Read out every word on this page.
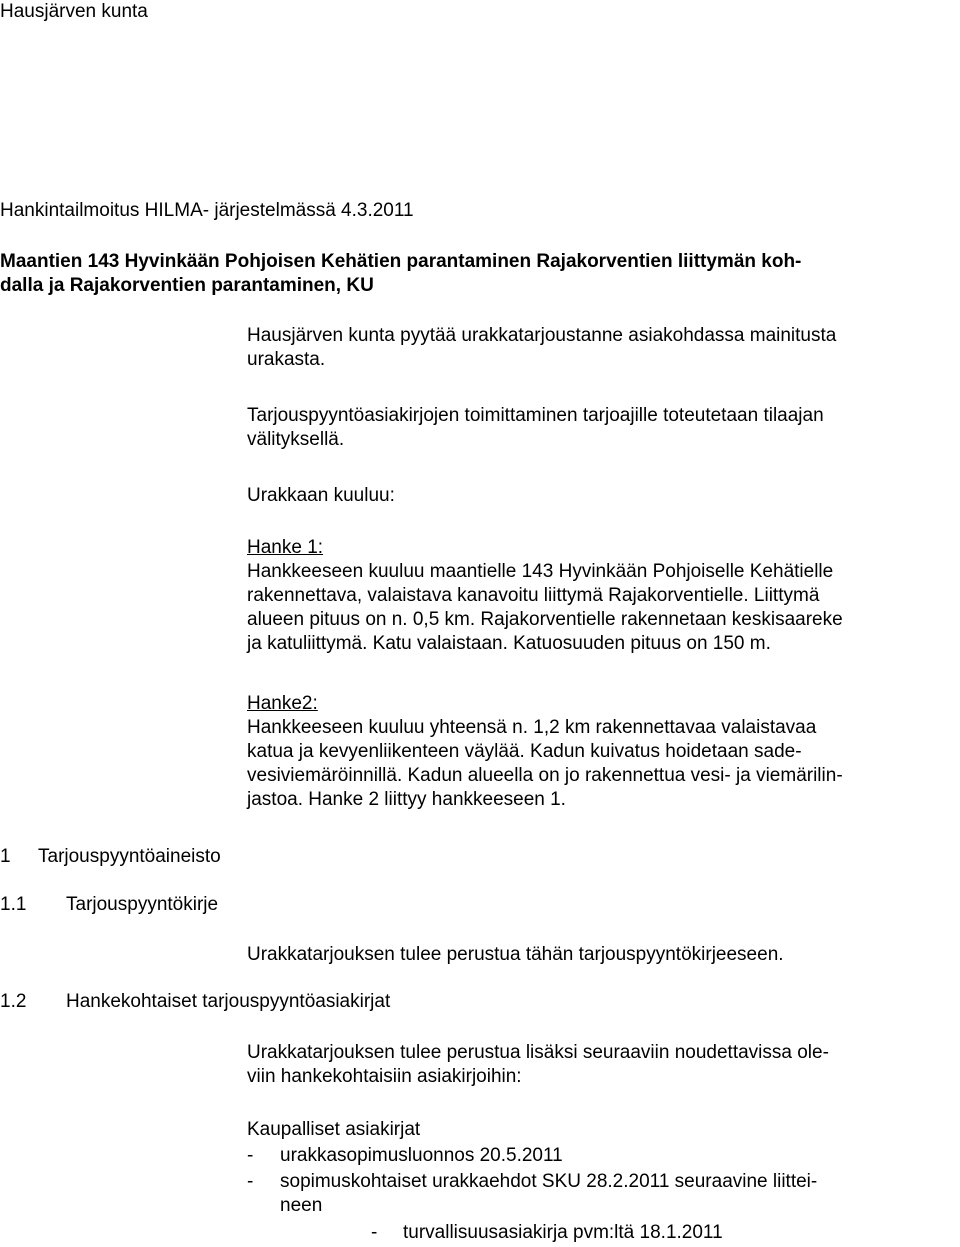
Hausjärven kunta

Hankintailmoitus HILMA- järjestelmässä 4.3.2011

Maantien 143 Hyvinkään Pohjoisen Kehätien parantaminen Rajakorventien liittymän koh-
dalla ja Rajakorventien parantaminen, KU
Hausjärven kunta pyytää urakkatarjoustanne asiakohdassa mainitusta
urakasta.
Tarjouspyyntöasiakirjojen toimittaminen tarjoajille toteutetaan tilaajan
välityksellä.

Urakkaan kuuluu:

Hanke 1:
Hankkeeseen kuuluu maantielle 143 Hyvinkään Pohjoiselle Kehätielle
rakennettava, valaistava kanavoitu liittymä Rajakorventielle. Liittymä
alueen pituus on n. 0,5 km. Rajakorventielle rakennetaan keskisaareke
ja katuliittymä. Katu valaistaan. Katuosuuden pituus on 150 m.
Hanke2:
Hankkeeseen kuuluu yhteensä n. 1,2 km rakennettavaa valaistavaa
katua ja kevyenliikenteen väylää. Kadun kuivatus hoidetaan sade-
vesiviemäröinnillä. Kadun alueella on jo rakennettua vesi- ja viemärilin-
jastoa. Hanke 2 liittyy hankkeeseen 1.
1 Tarjouspyyntöaineisto
1.1 Tarjouspyyntökirje

Urakkatarjouksen tulee perustua tähän tarjouspyyntökirjeeseen.

1.2 Hankekohtaiset tarjouspyyntöasiakirjat
Urakkatarjouksen tulee perustua lisäksi seuraaviin noudettavissa ole-
viin hankekohtaisiin asiakirjoihin:

Kaupalliset asiakirjat

- urakkasopimusluonnos 20.5.2011
- sopimuskohtaiset urakkaehdot SKU 28.2.2011 seuraavine liittei-
neen
- turvallisuusasiakirja pvm:ltä 18.1.2011
